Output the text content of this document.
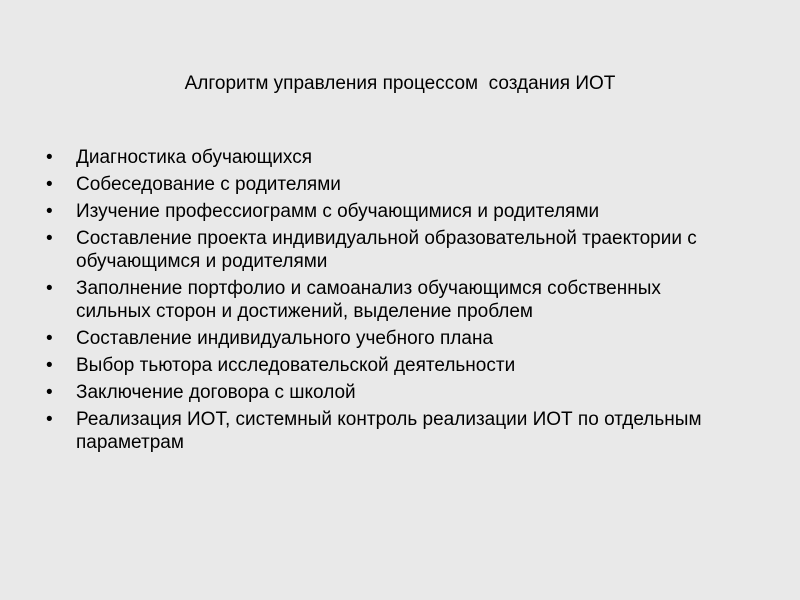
Алгоритм управления процессом  создания ИОТ
•	Диагностика обучающихся
•	Собеседование с родителями
•	Изучение профессиограмм с обучающимися и родителями
•	Составление проекта индивидуальной образовательной траектории с обучающимся и родителями
•	Заполнение портфолио и самоанализ обучающимся собственных сильных сторон и достижений, выделение проблем
•	Составление индивидуального учебного плана
•	Выбор тьютора исследовательской деятельности
•	Заключение договора с школой
•	Реализация ИОТ, системный контроль реализации ИОТ по отдельным параметрам
